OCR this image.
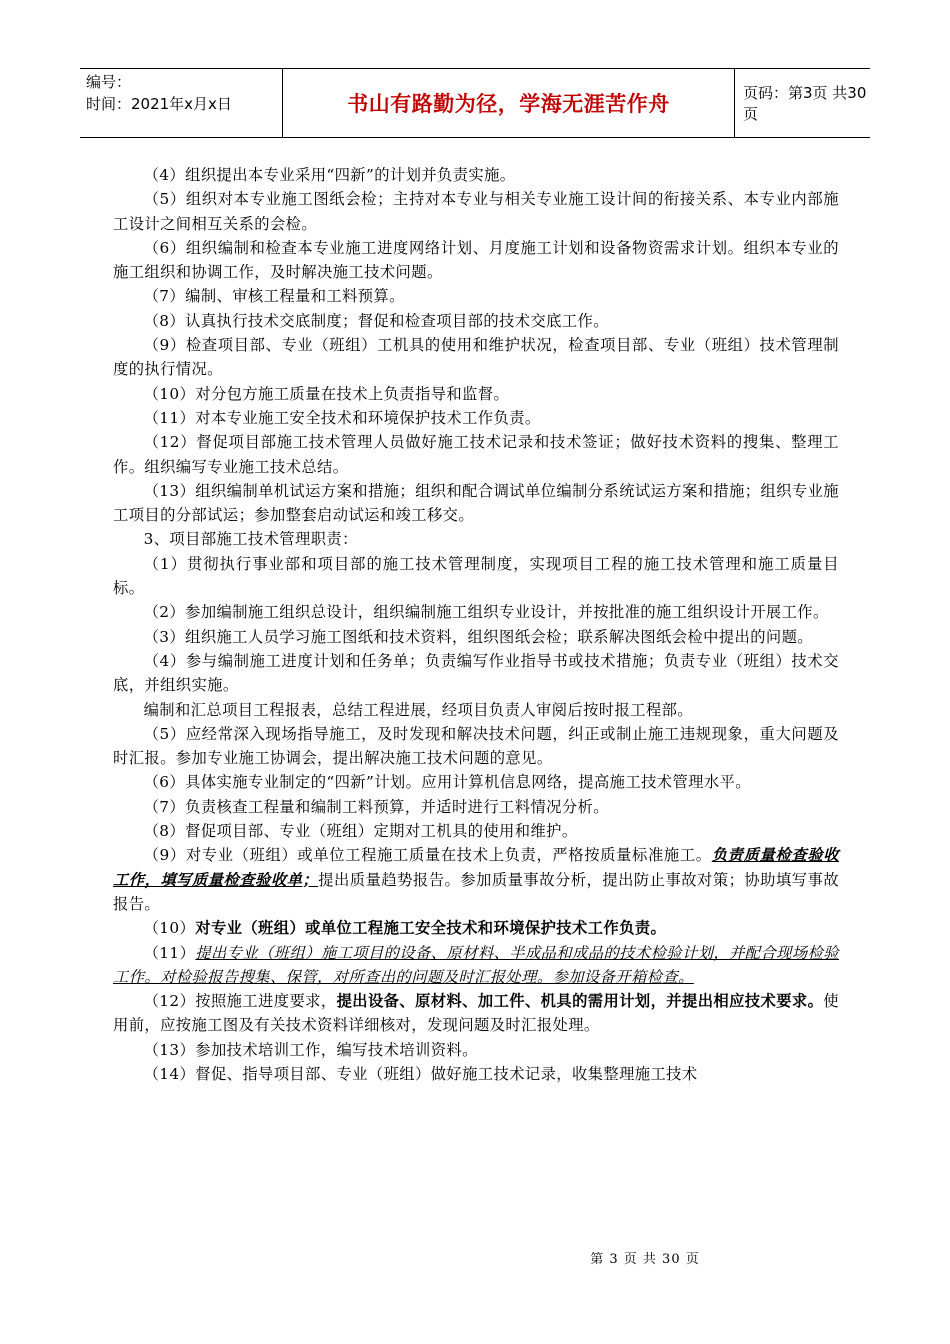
编号：
时间：2021年x月x日	书山有路勤为径，学海无涯苦作舟	页码：第3页 共30页
（4）组织提出本专业采用“四新”的计划并负责实施。
（5）组织对本专业施工图纸会检；主持对本专业与相关专业施工设计间的衔接关系、本专业内部施工设计之间相互关系的会检。
（6）组织编制和检查本专业施工进度网络计划、月度施工计划和设备物资需求计划。组织本专业的施工组织和协调工作，及时解决施工技术问题。
（7）编制、审核工程量和工料预算。
（8）认真执行技术交底制度；督促和检查项目部的技术交底工作。
（9）检查项目部、专业（班组）工机具的使用和维护状况，检查项目部、专业（班组）技术管理制度的执行情况。
（10）对分包方施工质量在技术上负责指导和监督。
（11）对本专业施工安全技术和环境保护技术工作负责。
（12）督促项目部施工技术管理人员做好施工技术记录和技术签证；做好技术资料的搜集、整理工作。组织编写专业施工技术总结。
（13）组织编制单机试运方案和措施；组织和配合调试单位编制分系统试运方案和措施；组织专业施工项目的分部试运；参加整套启动试运和竣工移交。
3、项目部施工技术管理职责：
（1）贯彻执行事业部和项目部的施工技术管理制度，实现项目工程的施工技术管理和施工质量目标。
（2）参加编制施工组织总设计，组织编制施工组织专业设计，并按批准的施工组织设计开展工作。
（3）组织施工人员学习施工图纸和技术资料，组织图纸会检；联系解决图纸会检中提出的问题。
（4）参与编制施工进度计划和任务单；负责编写作业指导书或技术措施；负责专业（班组）技术交底，并组织实施。
编制和汇总项目工程报表，总结工程进展，经项目负责人审阅后按时报工程部。
（5）应经常深入现场指导施工，及时发现和解决技术问题，纠正或制止施工违规现象，重大问题及时汇报。参加专业施工协调会，提出解决施工技术问题的意见。
（6）具体实施专业制定的“四新”计划。应用计算机信息网络，提高施工技术管理水平。
（7）负责核查工程量和编制工料预算，并适时进行工料情况分析。
（8）督促项目部、专业（班组）定期对工机具的使用和维护。
（9）对专业（班组）或单位工程施工质量在技术上负责，严格按质量标准施工。负责质量检查验收工作，填写质量检查验收单；提出质量趋势报告。参加质量事故分析，提出防止事故对策；协助填写事故报告。
（10）对专业（班组）或单位工程施工安全技术和环境保护技术工作负责。
（11）提出专业（班组）施工项目的设备、原材料、半成品和成品的技术检验计划，并配合现场检验工作。对检验报告搜集、保管，对所查出的问题及时汇报处理。参加设备开箱检查。
（12）按照施工进度要求，提出设备、原材料、加工件、机具的需用计划，并提出相应技术要求。使用前，应按施工图及有关技术资料详细核对，发现问题及时汇报处理。
（13）参加技术培训工作，编写技术培训资料。
（14）督促、指导项目部、专业（班组）做好施工技术记录，收集整理施工技术
第 3 页 共 30 页
